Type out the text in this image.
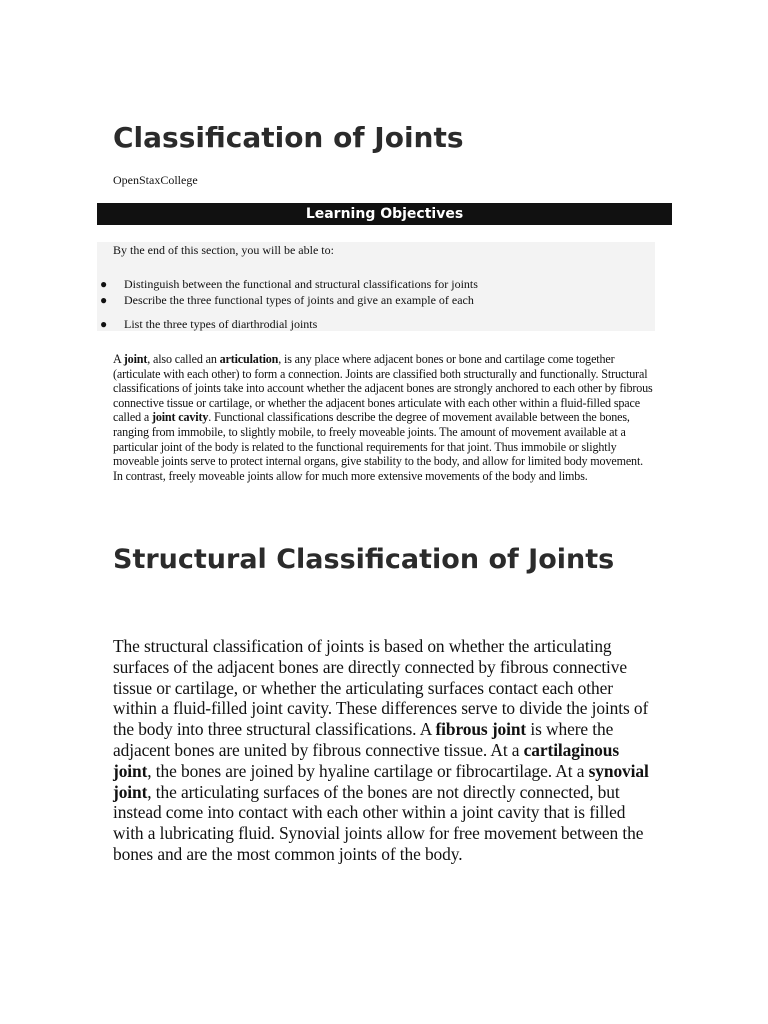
Classification of Joints
OpenStaxCollege
Learning Objectives
By the end of this section, you will be able to:
● Distinguish between the functional and structural classifications for joints
● Describe the three functional types of joints and give an example of each
● List the three types of diarthrodial joints

A joint, also called an articulation, is any place where adjacent bones or bone and cartilage come together (articulate with each other) to form a connection. Joints are classified both structurally and functionally. Structural classifications of joints take into account whether the adjacent bones are strongly anchored to each other by fibrous connective tissue or cartilage, or whether the adjacent bones articulate with each other within a fluid-filled space called a joint cavity. Functional classifications describe the degree of movement available between the bones, ranging from immobile, to slightly mobile, to freely moveable joints. The amount of movement available at a particular joint of the body is related to the functional requirements for that joint. Thus immobile or slightly moveable joints serve to protect internal organs, give stability to the body, and allow for limited body movement. In contrast, freely moveable joints allow for much more extensive movements of the body and limbs.

Structural Classification of Joints

The structural classification of joints is based on whether the articulating surfaces of the adjacent bones are directly connected by fibrous connective tissue or cartilage, or whether the articulating surfaces contact each other within a fluid-filled joint cavity. These differences serve to divide the joints of the body into three structural classifications. A fibrous joint is where the adjacent bones are united by fibrous connective tissue. At a cartilaginous joint, the bones are joined by hyaline cartilage or fibrocartilage. At a synovial joint, the articulating surfaces of the bones are not directly connected, but instead come into contact with each other within a joint cavity that is filled with a lubricating fluid. Synovial joints allow for free movement between the bones and are the most common joints of the body.
